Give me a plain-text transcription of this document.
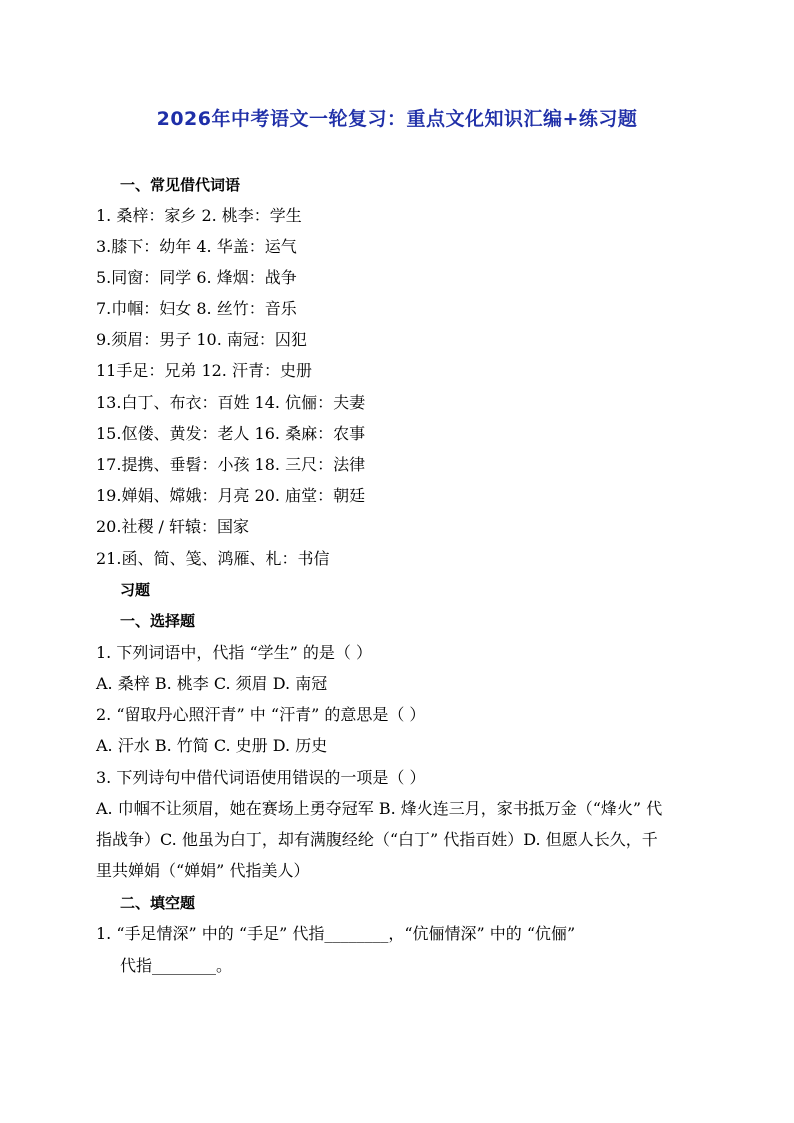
2026年中考语文一轮复习：重点文化知识汇编+练习题
一、常见借代词语
1. 桑梓：家乡 2. 桃李：学生
3.膝下：幼年 4. 华盖：运气
5.同窗：同学 6. 烽烟：战争
7.巾帼：妇女 8. 丝竹：音乐
9.须眉：男子 10. 南冠：囚犯
11手足：兄弟 12. 汗青：史册
13.白丁、布衣：百姓 14. 伉俪：夫妻
15.伛偻、黄发：老人 16. 桑麻：农事
17.提携、垂髫：小孩 18. 三尺：法律
19.婵娟、嫦娥：月亮 20. 庙堂：朝廷
20.社稷 / 轩辕：国家
21.函、简、笺、鸿雁、札：书信
习题
一、选择题
1. 下列词语中，代指 “学生” 的是（ ）
A. 桑梓 B. 桃李 C. 须眉 D. 南冠
2. “留取丹心照汗青” 中 “汗青” 的意思是（ ）
A. 汗水 B. 竹简 C. 史册 D. 历史
3. 下列诗句中借代词语使用错误的一项是（ ）
A. 巾帼不让须眉，她在赛场上勇夺冠军 B. 烽火连三月，家书抵万金（“烽火” 代
指战争）C. 他虽为白丁，却有满腹经纶（“白丁” 代指百姓）D. 但愿人长久，千
里共婵娟（“婵娟” 代指美人）
二、填空题
1. “手足情深” 中的 “手足” 代指________，“伉俪情深” 中的 “伉俪”
代指________。
